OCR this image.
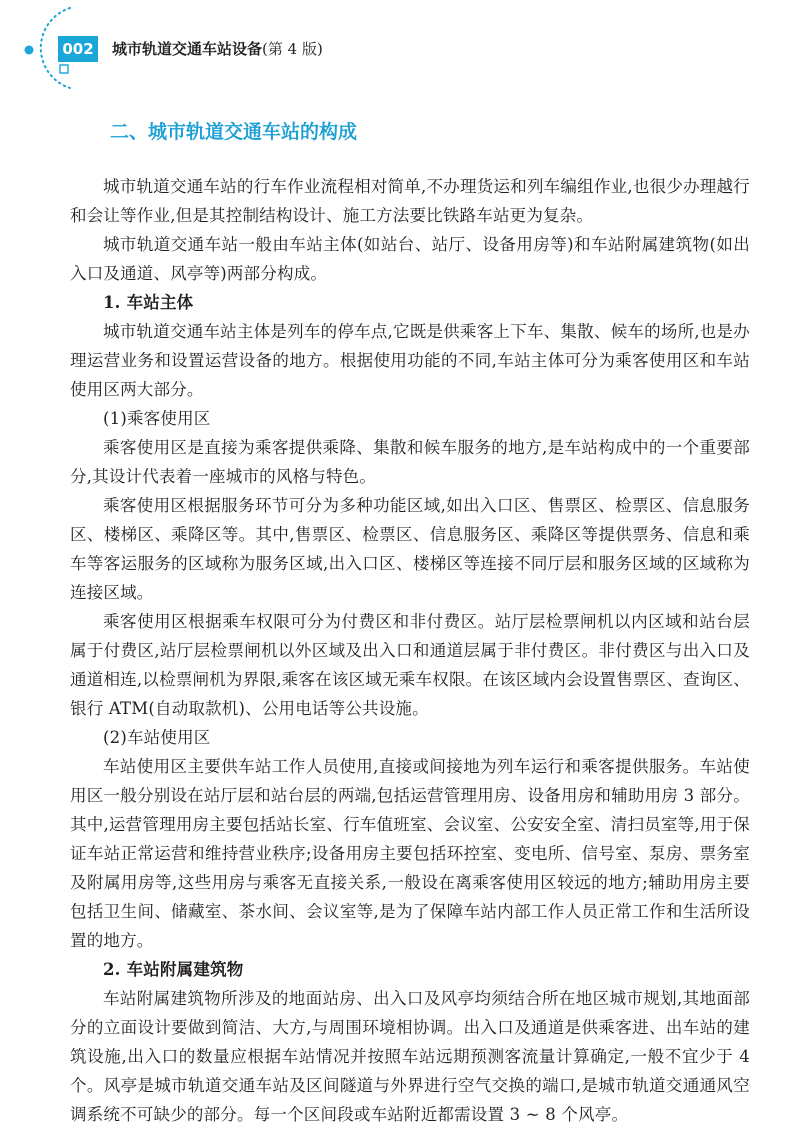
002 城市轨道交通车站设备(第 4 版)
二、城市轨道交通车站的构成

城市轨道交通车站的行车作业流程相对简单,不办理货运和列车编组作业,也很少办理越行和会让等作业,但是其控制结构设计、施工方法要比铁路车站更为复杂。

城市轨道交通车站一般由车站主体(如站台、站厅、设备用房等)和车站附属建筑物(如出入口及通道、风亭等)两部分构成。

1. 车站主体

城市轨道交通车站主体是列车的停车点,它既是供乘客上下车、集散、候车的场所,也是办理运营业务和设置运营设备的地方。根据使用功能的不同,车站主体可分为乘客使用区和车站使用区两大部分。

(1)乘客使用区

乘客使用区是直接为乘客提供乘降、集散和候车服务的地方,是车站构成中的一个重要部分,其设计代表着一座城市的风格与特色。

乘客使用区根据服务环节可分为多种功能区域,如出入口区、售票区、检票区、信息服务区、楼梯区、乘降区等。其中,售票区、检票区、信息服务区、乘降区等提供票务、信息和乘车等客运服务的区域称为服务区域,出入口区、楼梯区等连接不同厅层和服务区域的区域称为连接区域。

乘客使用区根据乘车权限可分为付费区和非付费区。站厅层检票闸机以内区域和站台层属于付费区,站厅层检票闸机以外区域及出入口和通道层属于非付费区。非付费区与出入口及通道相连,以检票闸机为界限,乘客在该区域无乘车权限。在该区域内会设置售票区、查询区、银行 ATM(自动取款机)、公用电话等公共设施。

(2)车站使用区

车站使用区主要供车站工作人员使用,直接或间接地为列车运行和乘客提供服务。车站使用区一般分别设在站厅层和站台层的两端,包括运营管理用房、设备用房和辅助用房 3 部分。其中,运营管理用房主要包括站长室、行车值班室、会议室、公安安全室、清扫员室等,用于保证车站正常运营和维持营业秩序;设备用房主要包括环控室、变电所、信号室、泵房、票务室及附属用房等,这些用房与乘客无直接关系,一般设在离乘客使用区较远的地方;辅助用房主要包括卫生间、储藏室、茶水间、会议室等,是为了保障车站内部工作人员正常工作和生活所设置的地方。

2. 车站附属建筑物

车站附属建筑物所涉及的地面站房、出入口及风亭均须结合所在地区城市规划,其地面部分的立面设计要做到简洁、大方,与周围环境相协调。出入口及通道是供乘客进、出车站的建筑设施,出入口的数量应根据车站情况并按照车站远期预测客流量计算确定,一般不宜少于 4 个。风亭是城市轨道交通车站及区间隧道与外界进行空气交换的端口,是城市轨道交通通风空调系统不可缺少的部分。每一个区间段或车站附近都需设置 3 ~ 8 个风亭。
